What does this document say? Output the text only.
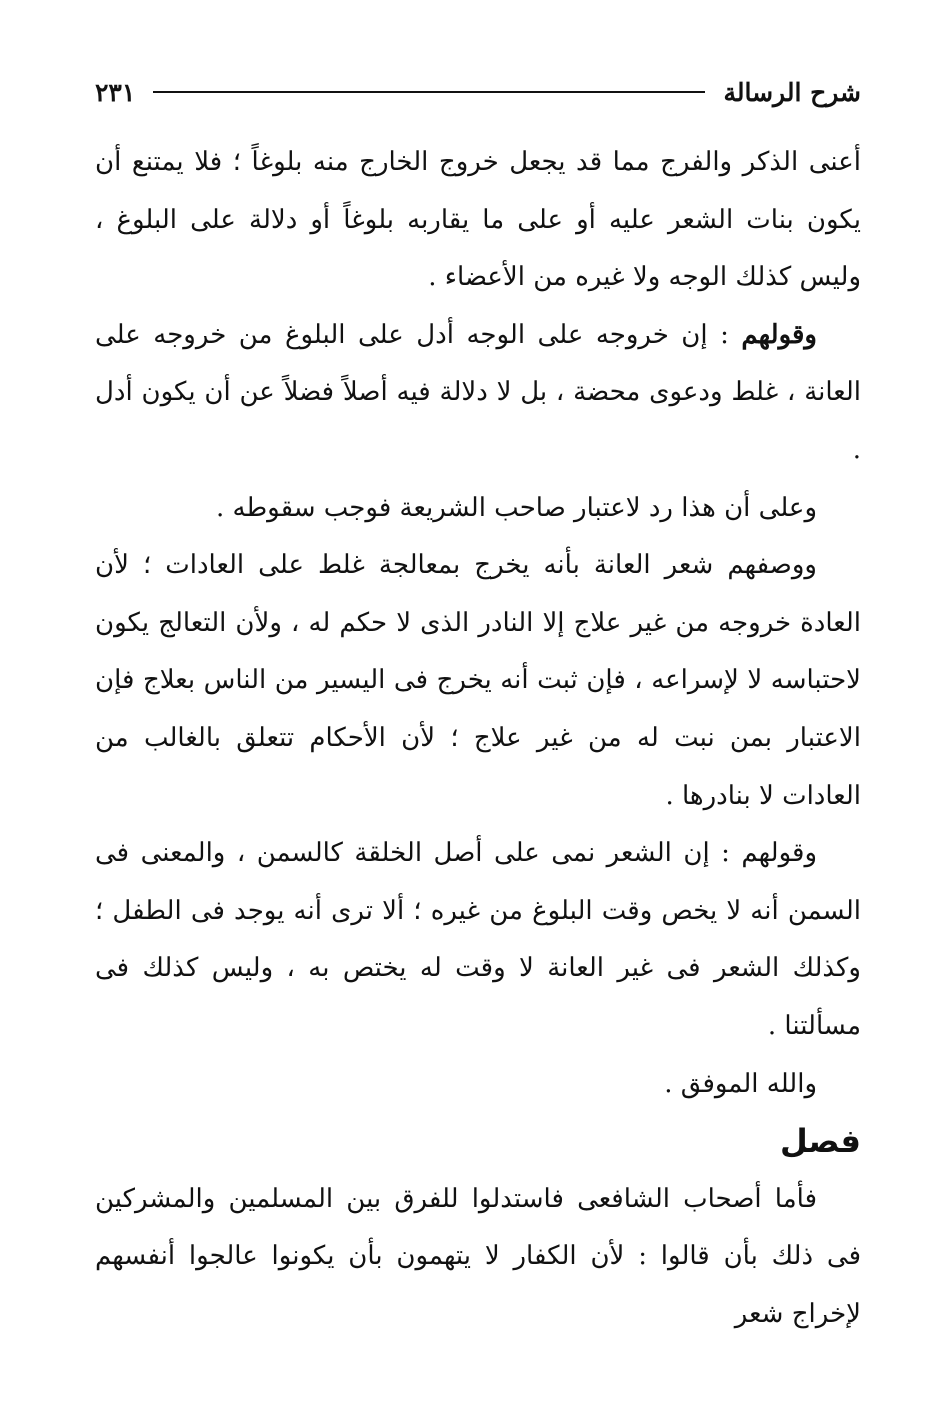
شرح الرسالة
٢٣١

أعنى الذكر والفرج مما قد يجعل خروج الخارج منه بلوغاً ؛ فلا يمتنع أن يكون بنات الشعر عليه أو على ما يقاربه بلوغاً أو دلالة على البلوغ ، وليس كذلك الوجه ولا غيره من الأعضاء .

وقولهم : إن خروجه على الوجه أدل على البلوغ من خروجه على العانة ، غلط ودعوى محضة ، بل لا دلالة فيه أصلاً فضلاً عن أن يكون أدل .

وعلى أن هذا رد لاعتبار صاحب الشريعة فوجب سقوطه .

ووصفهم شعر العانة بأنه يخرج بمعالجة غلط على العادات ؛ لأن العادة خروجه من غير علاج إلا النادر الذى لا حكم له ، ولأن التعالج يكون لاحتباسه لا لإسراعه ، فإن ثبت أنه يخرج فى اليسير من الناس بعلاج فإن الاعتبار بمن نبت له من غير علاج ؛ لأن الأحكام تتعلق بالغالب من العادات لا بنادرها .

وقولهم : إن الشعر نمى على أصل الخلقة كالسمن ، والمعنى فى السمن أنه لا يخص وقت البلوغ من غيره ؛ ألا ترى أنه يوجد فى الطفل ؛ وكذلك الشعر فى غير العانة لا وقت له يختص به ، وليس كذلك فى مسألتنا .

والله الموفق .

فصل

فأما أصحاب الشافعى فاستدلوا للفرق بين المسلمين والمشركين فى ذلك بأن قالوا : لأن الكفار لا يتهمون بأن يكونوا عالجوا أنفسهم لإخراج شعر
